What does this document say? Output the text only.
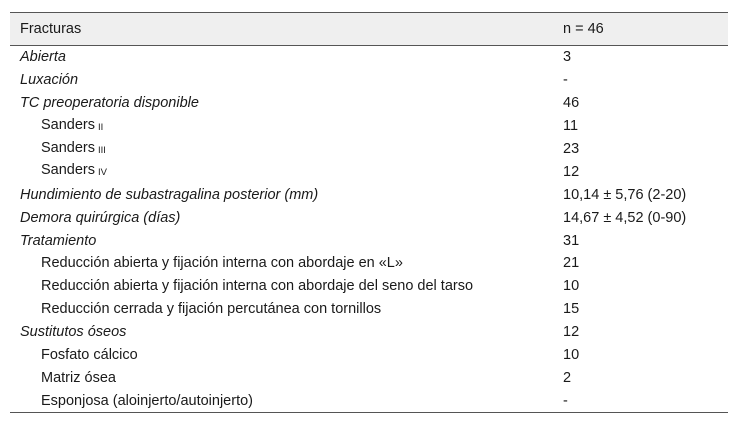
Fracturas	n = 46
Abierta	3
Luxación	-
TC preoperatoria disponible	46
Sanders II	11
Sanders III	23
Sanders IV	12
Hundimiento de subastragalina posterior (mm)	10,14 ± 5,76 (2-20)
Demora quirúrgica (días)	14,67 ± 4,52 (0-90)
Tratamiento	31
Reducción abierta y fijación interna con abordaje en «L»	21
Reducción abierta y fijación interna con abordaje del seno del tarso	10
Reducción cerrada y fijación percutánea con tornillos	15
Sustitutos óseos	12
Fosfato cálcico	10
Matriz ósea	2
Esponjosa (aloinjerto/autoinjerto)	-
